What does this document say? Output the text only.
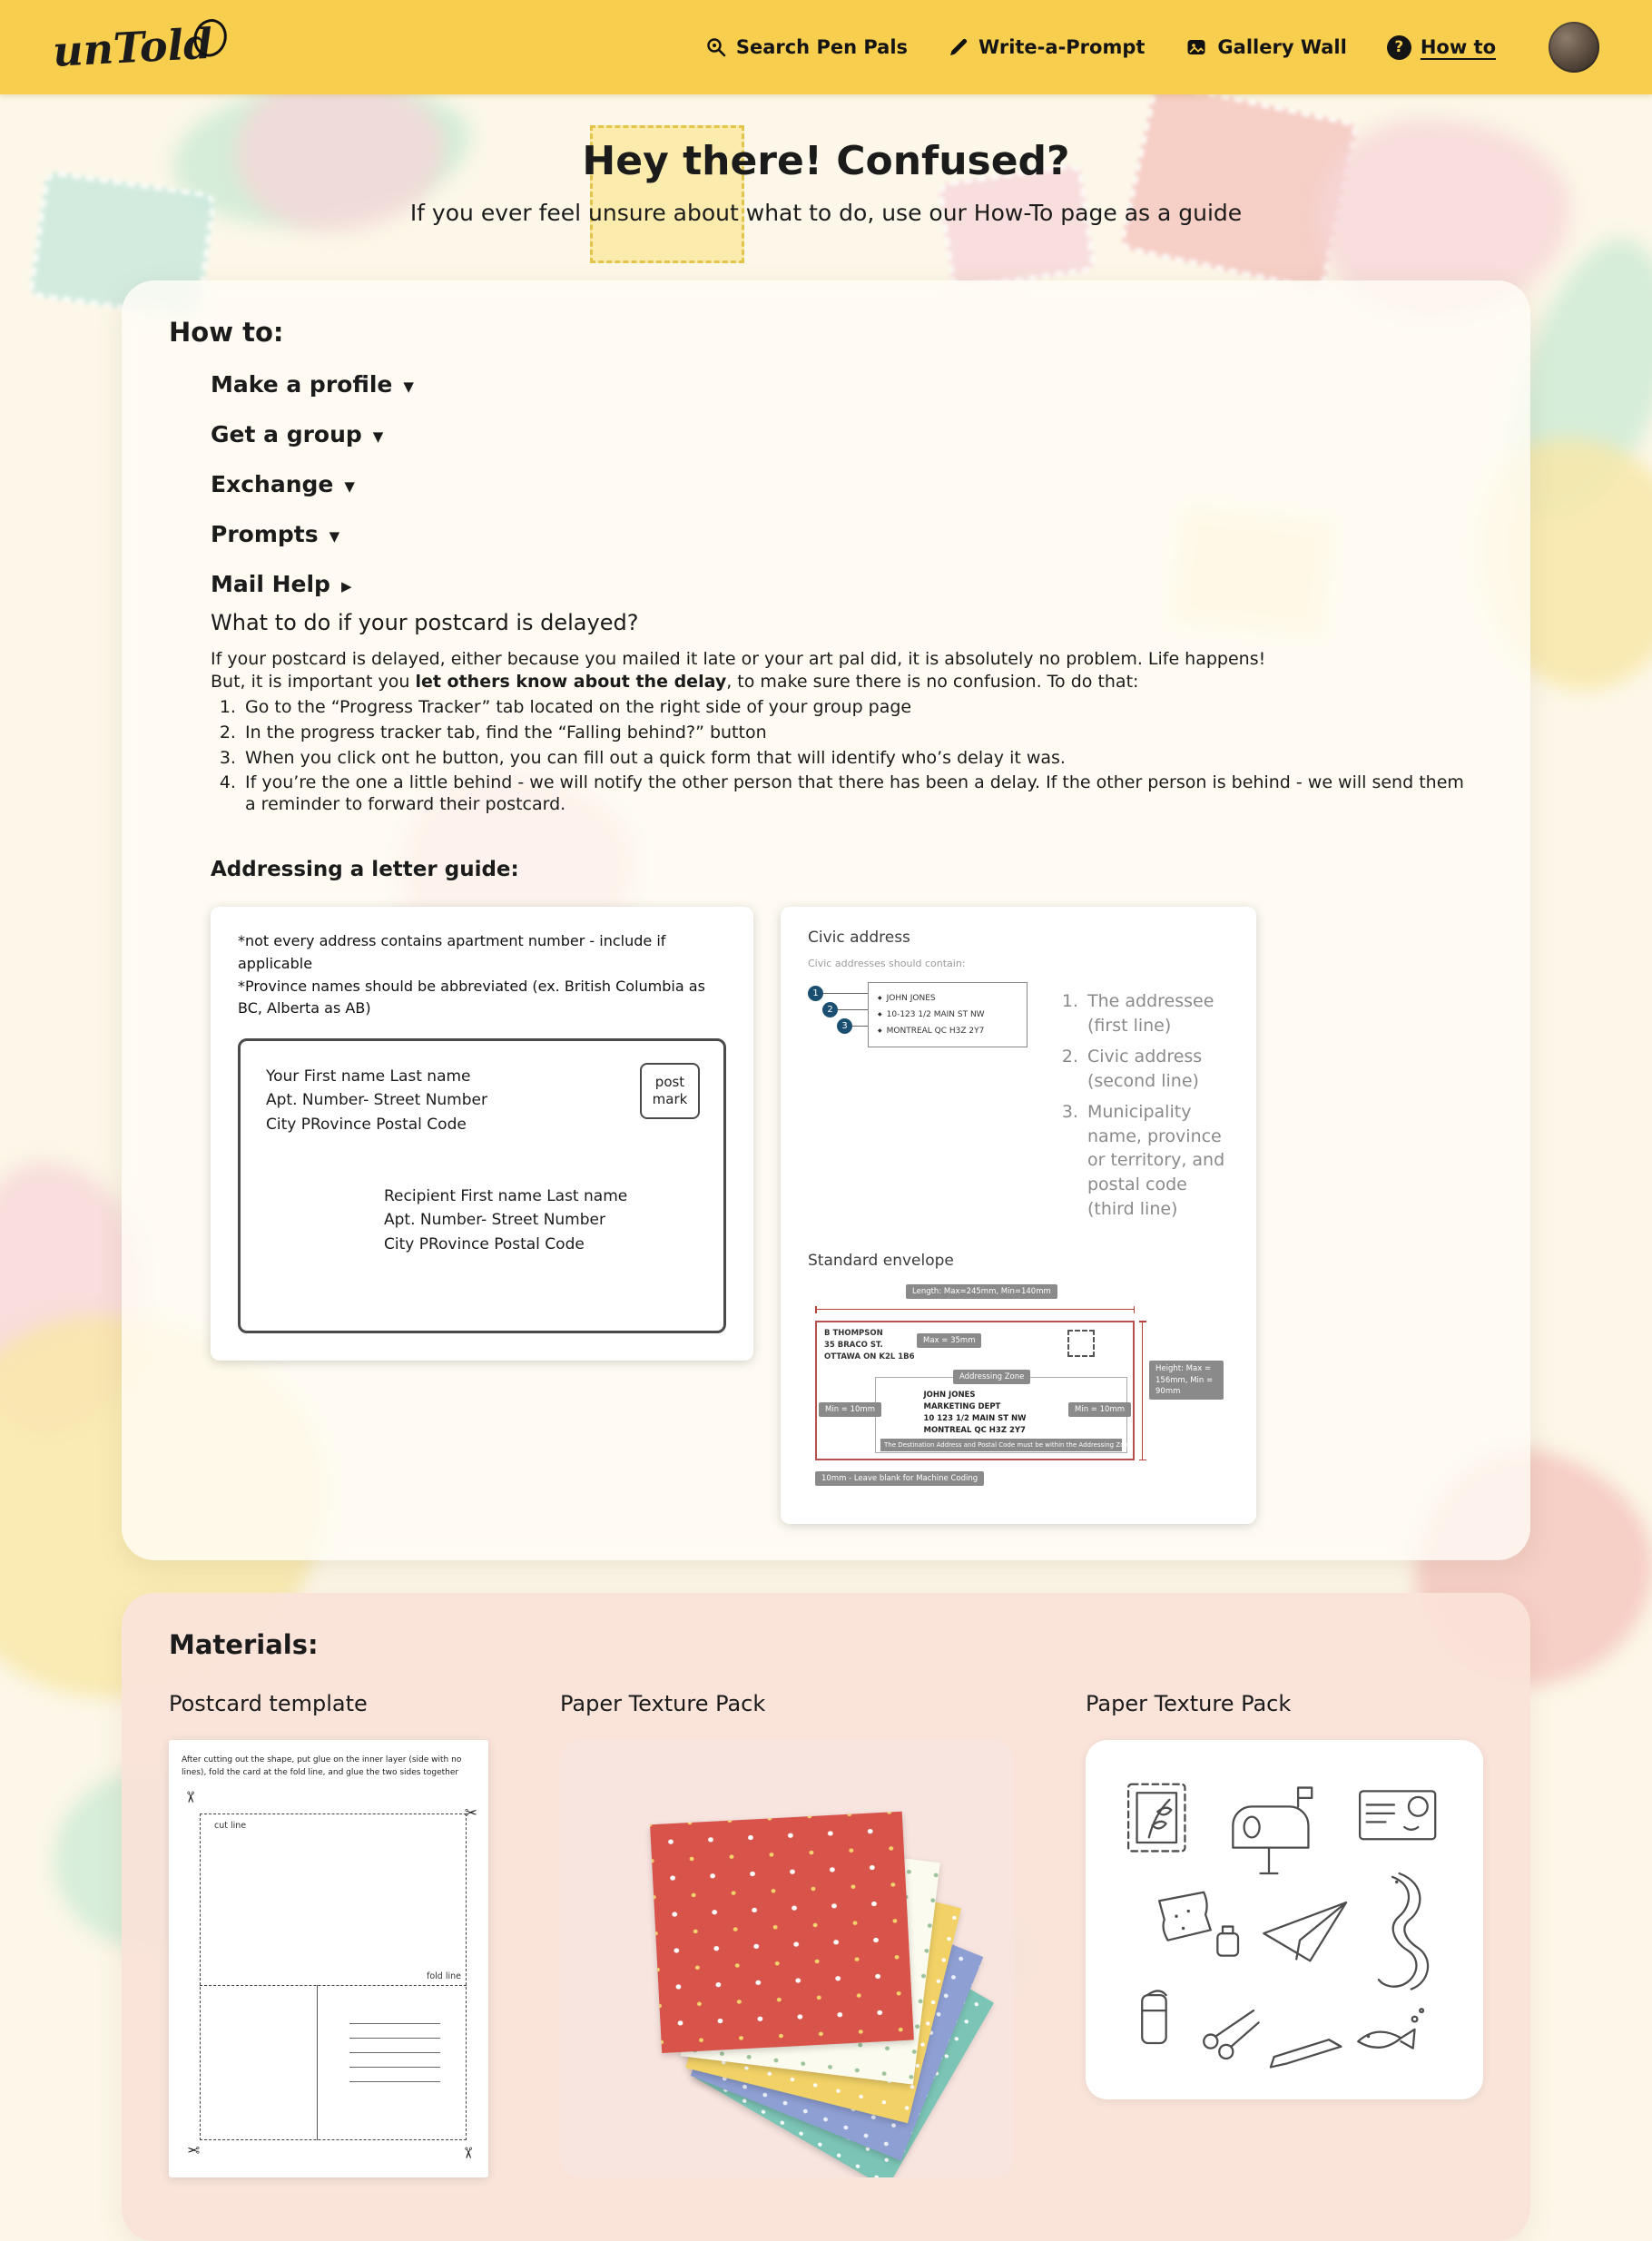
unTold	Search Pen Pals	Write-a-Prompt	Gallery Wall	? How to
Hey there! Confused?

If you ever feel unsure about what to do, use our How-To page as a guide

How to:
Make a profile ▼
Get a group ▼
Exchange ▼
Prompts ▼
Mail Help ▶

What to do if your postcard is delayed?

If your postcard is delayed, either because you mailed it late or your art pal did, it is absolutely no problem. Life happens!
But, it is important you let others know about the delay, to make sure there is no confusion. To do that:

1. Go to the “Progress Tracker” tab located on the right side of your group page
2. In the progress tracker tab, find the “Falling behind?” button
3. When you click ont he button, you can fill out a quick form that will identify who’s delay it was.
4. If you’re the one a little behind - we will notify the other person that there has been a delay. If the other person is behind - we will send them a reminder to forward their postcard.
Addressing a letter guide:

*not every address contains apartment number - include if applicable

*Province names should be abbreviated (ex. British Columbia as BC, Alberta as AB)

Your First name Last name
Apt. Number- Street Number
City PRovince Postal Code
post
mark
Recipient First name Last name
Apt. Number- Street Number
City PRovince Postal Code
Civic address
Civic addresses should contain:
1
2
3
◆ JOHN JONES
◆ 10-123 1/2 MAIN ST NW
◆ MONTREAL QC H3Z 2Y7
1. The addressee (first line)
2. Civic address (second line)
3. Municipality name, province or territory, and postal code (third line)
Standard envelope
Length: Max=245mm, Min=140mm
B THOMPSON
35 BRACO ST.
OTTAWA ON K2L 1B6
Max = 35mm
Addressing Zone
Min = 10mm	Min = 10mm
JOHN JONES
MARKETING DEPT
10 123 1/2 MAIN ST NW
MONTREAL QC H3Z 2Y7
The Destination Address and Postal Code must be within the Addressing Zone
Height: Max = 156mm, Min = 90mm
10mm - Leave blank for Machine Coding
Materials:
Postcard template

After cutting out the shape, put glue on the inner layer (side with no lines), fold the card at the fold line, and glue the two sides together

✂
✂
✂
✂
cut line
fold line
Paper Texture Pack	Paper Texture Pack
